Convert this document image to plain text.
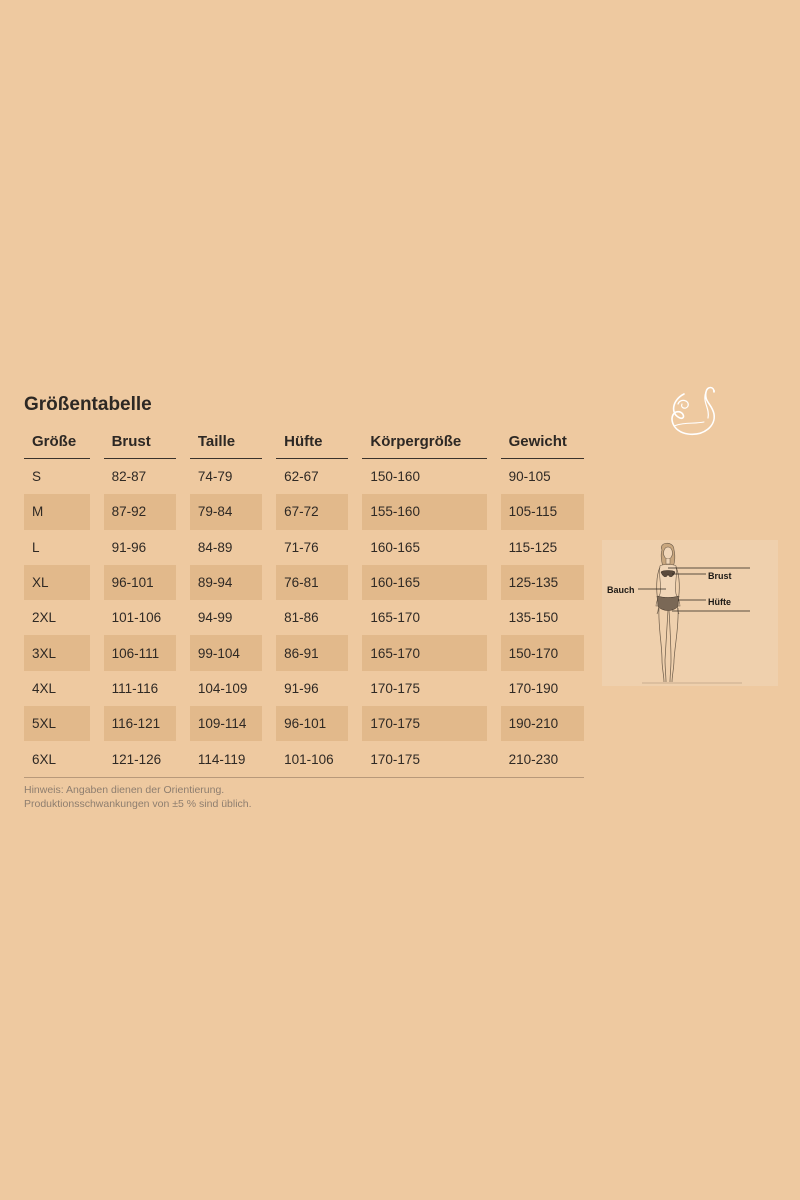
Größentabelle
Größe	Brust	Taille	Hüfte	Körpergröße	Gewicht
S	82-87	74-79	62-67	150-160	90-105
M	87-92	79-84	67-72	155-160	105-115
L	91-96	84-89	71-76	160-165	115-125
XL	96-101	89-94	76-81	160-165	125-135
2XL	101-106	94-99	81-86	165-170	135-150
3XL	106-111	99-104	86-91	165-170	150-170
4XL	111-116	104-109	91-96	170-175	170-190
5XL	116-121	109-114	96-101	170-175	190-210
6XL	121-126	114-119	101-106	170-175	210-230

Hinweis: Angaben dienen der Orientierung.
Produktionsschwankungen von ±5 % sind üblich.

Brust
Bauch
Hüfte
